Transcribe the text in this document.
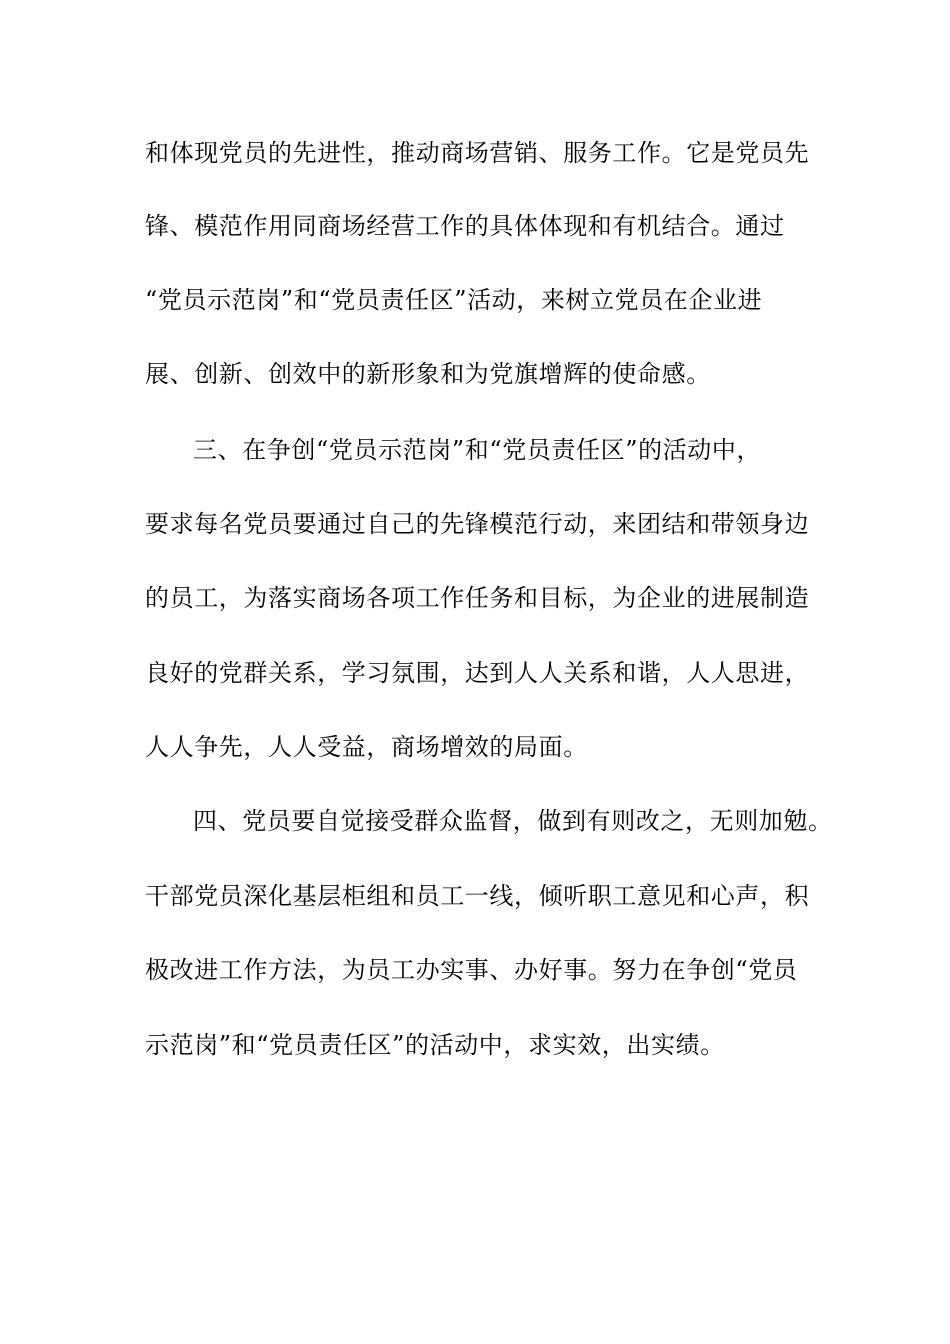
和体现党员的先进性，推动商场营销、服务工作。它是党员先
锋、模范作用同商场经营工作的具体体现和有机结合。通过
“党员示范岗”和“党员责任区”活动，来树立党员在企业进
展、创新、创效中的新形象和为党旗增辉的使命感。
三、在争创“党员示范岗”和“党员责任区”的活动中，
要求每名党员要通过自己的先锋模范行动，来团结和带领身边
的员工，为落实商场各项工作任务和目标，为企业的进展制造
良好的党群关系，学习氛围，达到人人关系和谐，人人思进，
人人争先，人人受益，商场增效的局面。
四、党员要自觉接受群众监督，做到有则改之，无则加勉。
干部党员深化基层柜组和员工一线，倾听职工意见和心声，积
极改进工作方法，为员工办实事、办好事。努力在争创“党员
示范岗”和“党员责任区”的活动中，求实效，出实绩。
